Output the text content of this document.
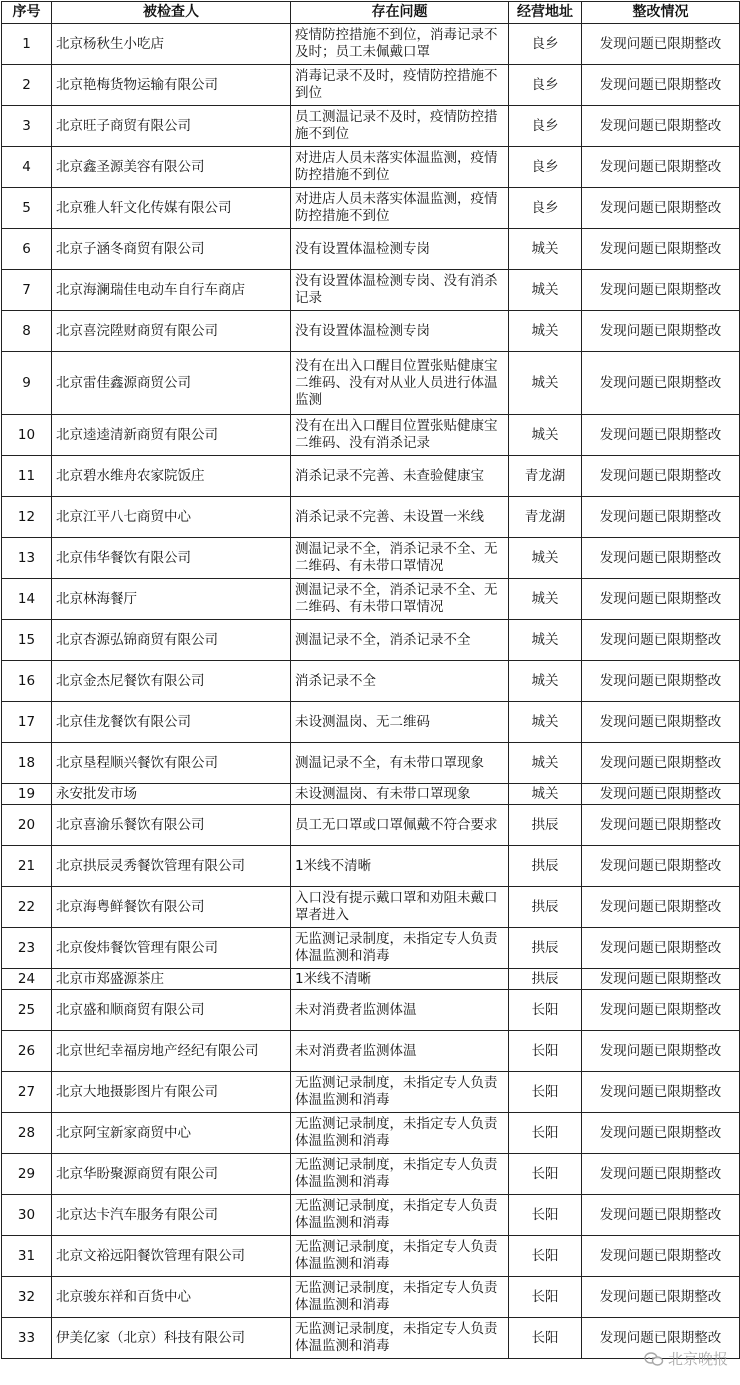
序号	被检查人	存在问题	经营地址	整改情况
1	北京杨秋生小吃店	疫情防控措施不到位，消毒记录不及时；员工未佩戴口罩	良乡	发现问题已限期整改
2	北京艳梅货物运输有限公司	消毒记录不及时，疫情防控措施不到位	良乡	发现问题已限期整改
3	北京旺子商贸有限公司	员工测温记录不及时，疫情防控措施不到位	良乡	发现问题已限期整改
4	北京鑫圣源美容有限公司	对进店人员未落实体温监测，疫情防控措施不到位	良乡	发现问题已限期整改
5	北京雅人轩文化传媒有限公司	对进店人员未落实体温监测，疫情防控措施不到位	良乡	发现问题已限期整改
6	北京子涵冬商贸有限公司	没有设置体温检测专岗	城关	发现问题已限期整改
7	北京海澜瑞佳电动车自行车商店	没有设置体温检测专岗、没有消杀记录	城关	发现问题已限期整改
8	北京喜浣陞财商贸有限公司	没有设置体温检测专岗	城关	发现问题已限期整改
9	北京雷佳鑫源商贸公司	没有在出入口醒目位置张贴健康宝二维码、没有对从业人员进行体温监测	城关	发现问题已限期整改
10	北京逵逵清新商贸有限公司	没有在出入口醒目位置张贴健康宝二维码、没有消杀记录	城关	发现问题已限期整改
11	北京碧水维舟农家院饭庄	消杀记录不完善、未查验健康宝	青龙湖	发现问题已限期整改
12	北京江平八七商贸中心	消杀记录不完善、未设置一米线	青龙湖	发现问题已限期整改
13	北京伟华餐饮有限公司	测温记录不全，消杀记录不全、无二维码、有未带口罩情况	城关	发现问题已限期整改
14	北京林海餐厅	测温记录不全，消杀记录不全、无二维码、有未带口罩情况	城关	发现问题已限期整改
15	北京杏源弘锦商贸有限公司	测温记录不全，消杀记录不全	城关	发现问题已限期整改
16	北京金杰尼餐饮有限公司	消杀记录不全	城关	发现问题已限期整改
17	北京佳龙餐饮有限公司	未设测温岗、无二维码	城关	发现问题已限期整改
18	北京垦程顺兴餐饮有限公司	测温记录不全，有未带口罩现象	城关	发现问题已限期整改
19	永安批发市场	未设测温岗、有未带口罩现象	城关	发现问题已限期整改
20	北京喜渝乐餐饮有限公司	员工无口罩或口罩佩戴不符合要求	拱辰	发现问题已限期整改
21	北京拱辰灵秀餐饮管理有限公司	1米线不清晰	拱辰	发现问题已限期整改
22	北京海粤鲜餐饮有限公司	入口没有提示戴口罩和劝阻未戴口罩者进入	拱辰	发现问题已限期整改
23	北京俊炜餐饮管理有限公司	无监测记录制度，未指定专人负责体温监测和消毒	拱辰	发现问题已限期整改
24	北京市郑盛源茶庄	1米线不清晰	拱辰	发现问题已限期整改
25	北京盛和顺商贸有限公司	未对消费者监测体温	长阳	发现问题已限期整改
26	北京世纪幸福房地产经纪有限公司	未对消费者监测体温	长阳	发现问题已限期整改
27	北京大地摄影图片有限公司	无监测记录制度，未指定专人负责体温监测和消毒	长阳	发现问题已限期整改
28	北京阿宝新家商贸中心	无监测记录制度，未指定专人负责体温监测和消毒	长阳	发现问题已限期整改
29	北京华盼聚源商贸有限公司	无监测记录制度，未指定专人负责体温监测和消毒	长阳	发现问题已限期整改
30	北京达卡汽车服务有限公司	无监测记录制度，未指定专人负责体温监测和消毒	长阳	发现问题已限期整改
31	北京文裕远阳餐饮管理有限公司	无监测记录制度，未指定专人负责体温监测和消毒	长阳	发现问题已限期整改
32	北京骏东祥和百货中心	无监测记录制度，未指定专人负责体温监测和消毒	长阳	发现问题已限期整改
33	伊美亿家（北京）科技有限公司	无监测记录制度，未指定专人负责体温监测和消毒	长阳	发现问题已限期整改
北京晚报
